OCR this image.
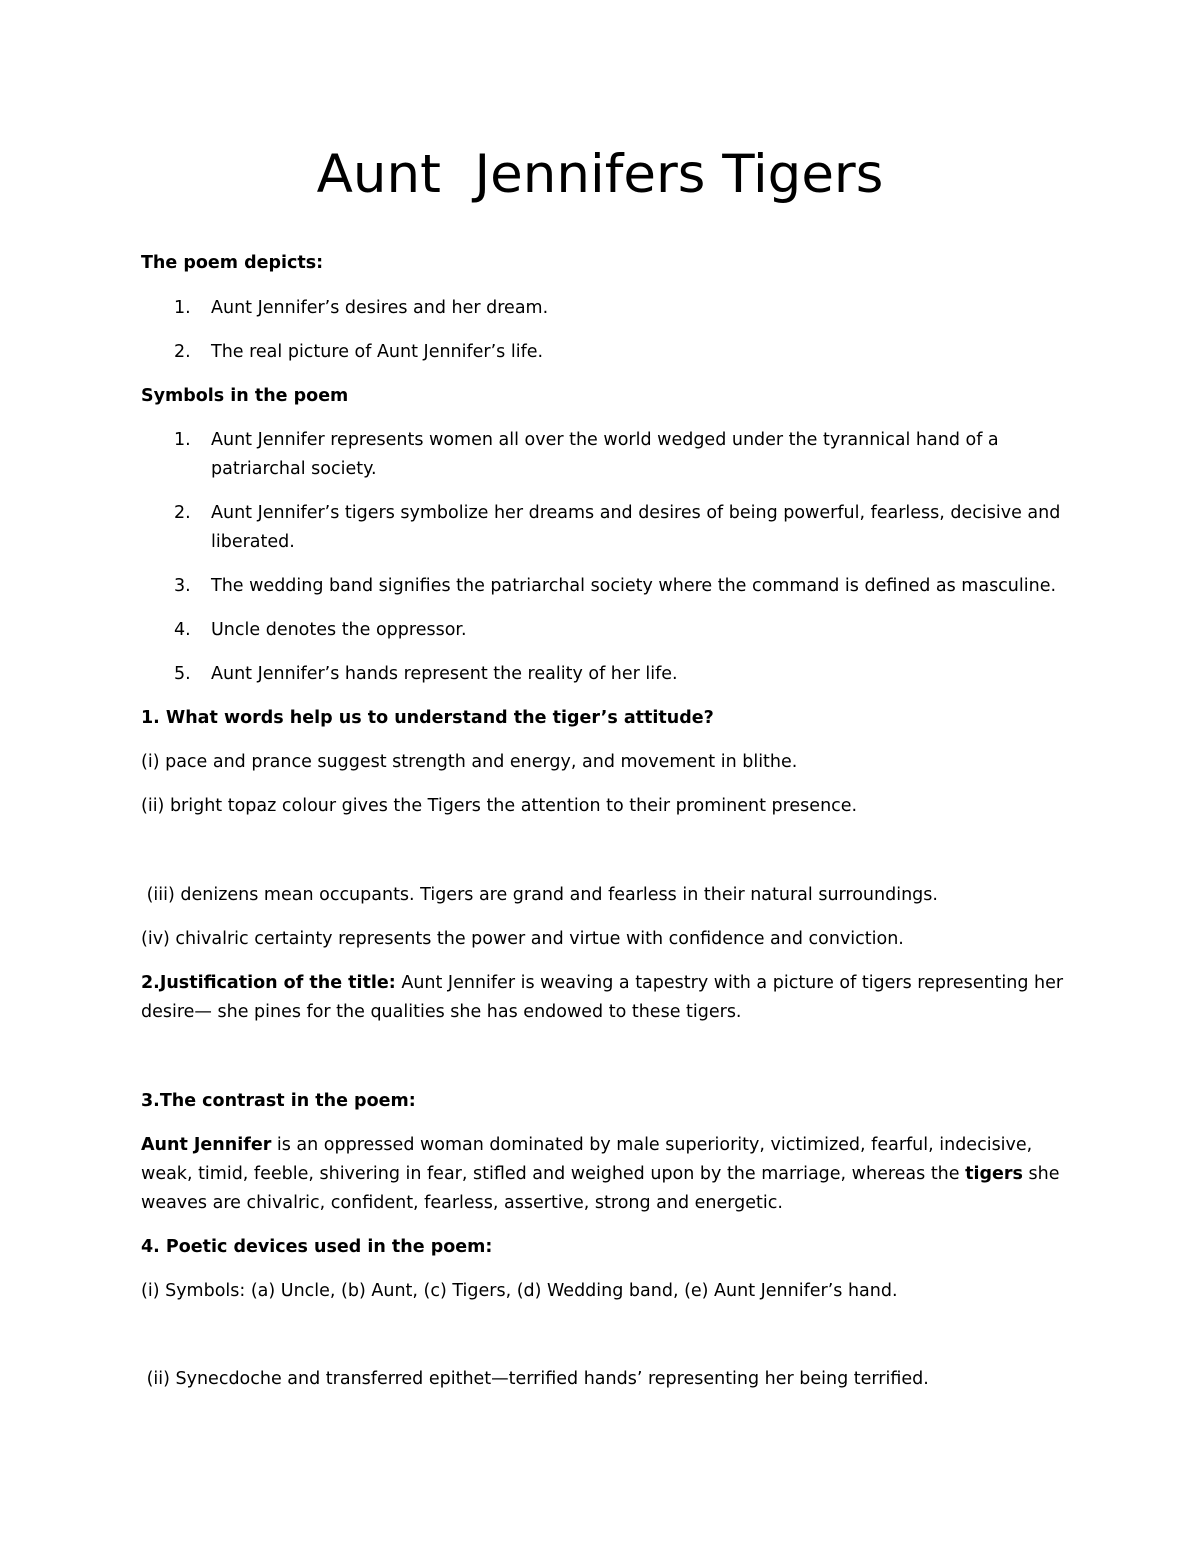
Aunt  Jennifers Tigers
The poem depicts:
1. Aunt Jennifer’s desires and her dream.
2. The real picture of Aunt Jennifer’s life.
Symbols in the poem
1. Aunt Jennifer represents women all over the world wedged under the tyrannical hand of a
patriarchal society.
2. Aunt Jennifer’s tigers symbolize her dreams and desires of being powerful, fearless, decisive and
liberated.
3. The wedding band signifies the patriarchal society where the command is defined as masculine.
4. Uncle denotes the oppressor.
5. Aunt Jennifer’s hands represent the reality of her life.
1. What words help us to understand the tiger’s attitude?
(i) pace and prance suggest strength and energy, and movement in blithe.
(ii) bright topaz colour gives the Tigers the attention to their prominent presence.
(iii) denizens mean occupants. Tigers are grand and fearless in their natural surroundings.
(iv) chivalric certainty represents the power and virtue with confidence and conviction.
2.Justification of the title: Aunt Jennifer is weaving a tapestry with a picture of tigers representing her
desire— she pines for the qualities she has endowed to these tigers.
3.The contrast in the poem:
Aunt Jennifer is an oppressed woman dominated by male superiority, victimized, fearful, indecisive,
weak, timid, feeble, shivering in fear, stifled and weighed upon by the marriage, whereas the tigers she
weaves are chivalric, confident, fearless, assertive, strong and energetic.
4. Poetic devices used in the poem:
(i) Symbols: (a) Uncle, (b) Aunt, (c) Tigers, (d) Wedding band, (e) Aunt Jennifer’s hand.
(ii) Synecdoche and transferred epithet—terrified hands’ representing her being terrified.
